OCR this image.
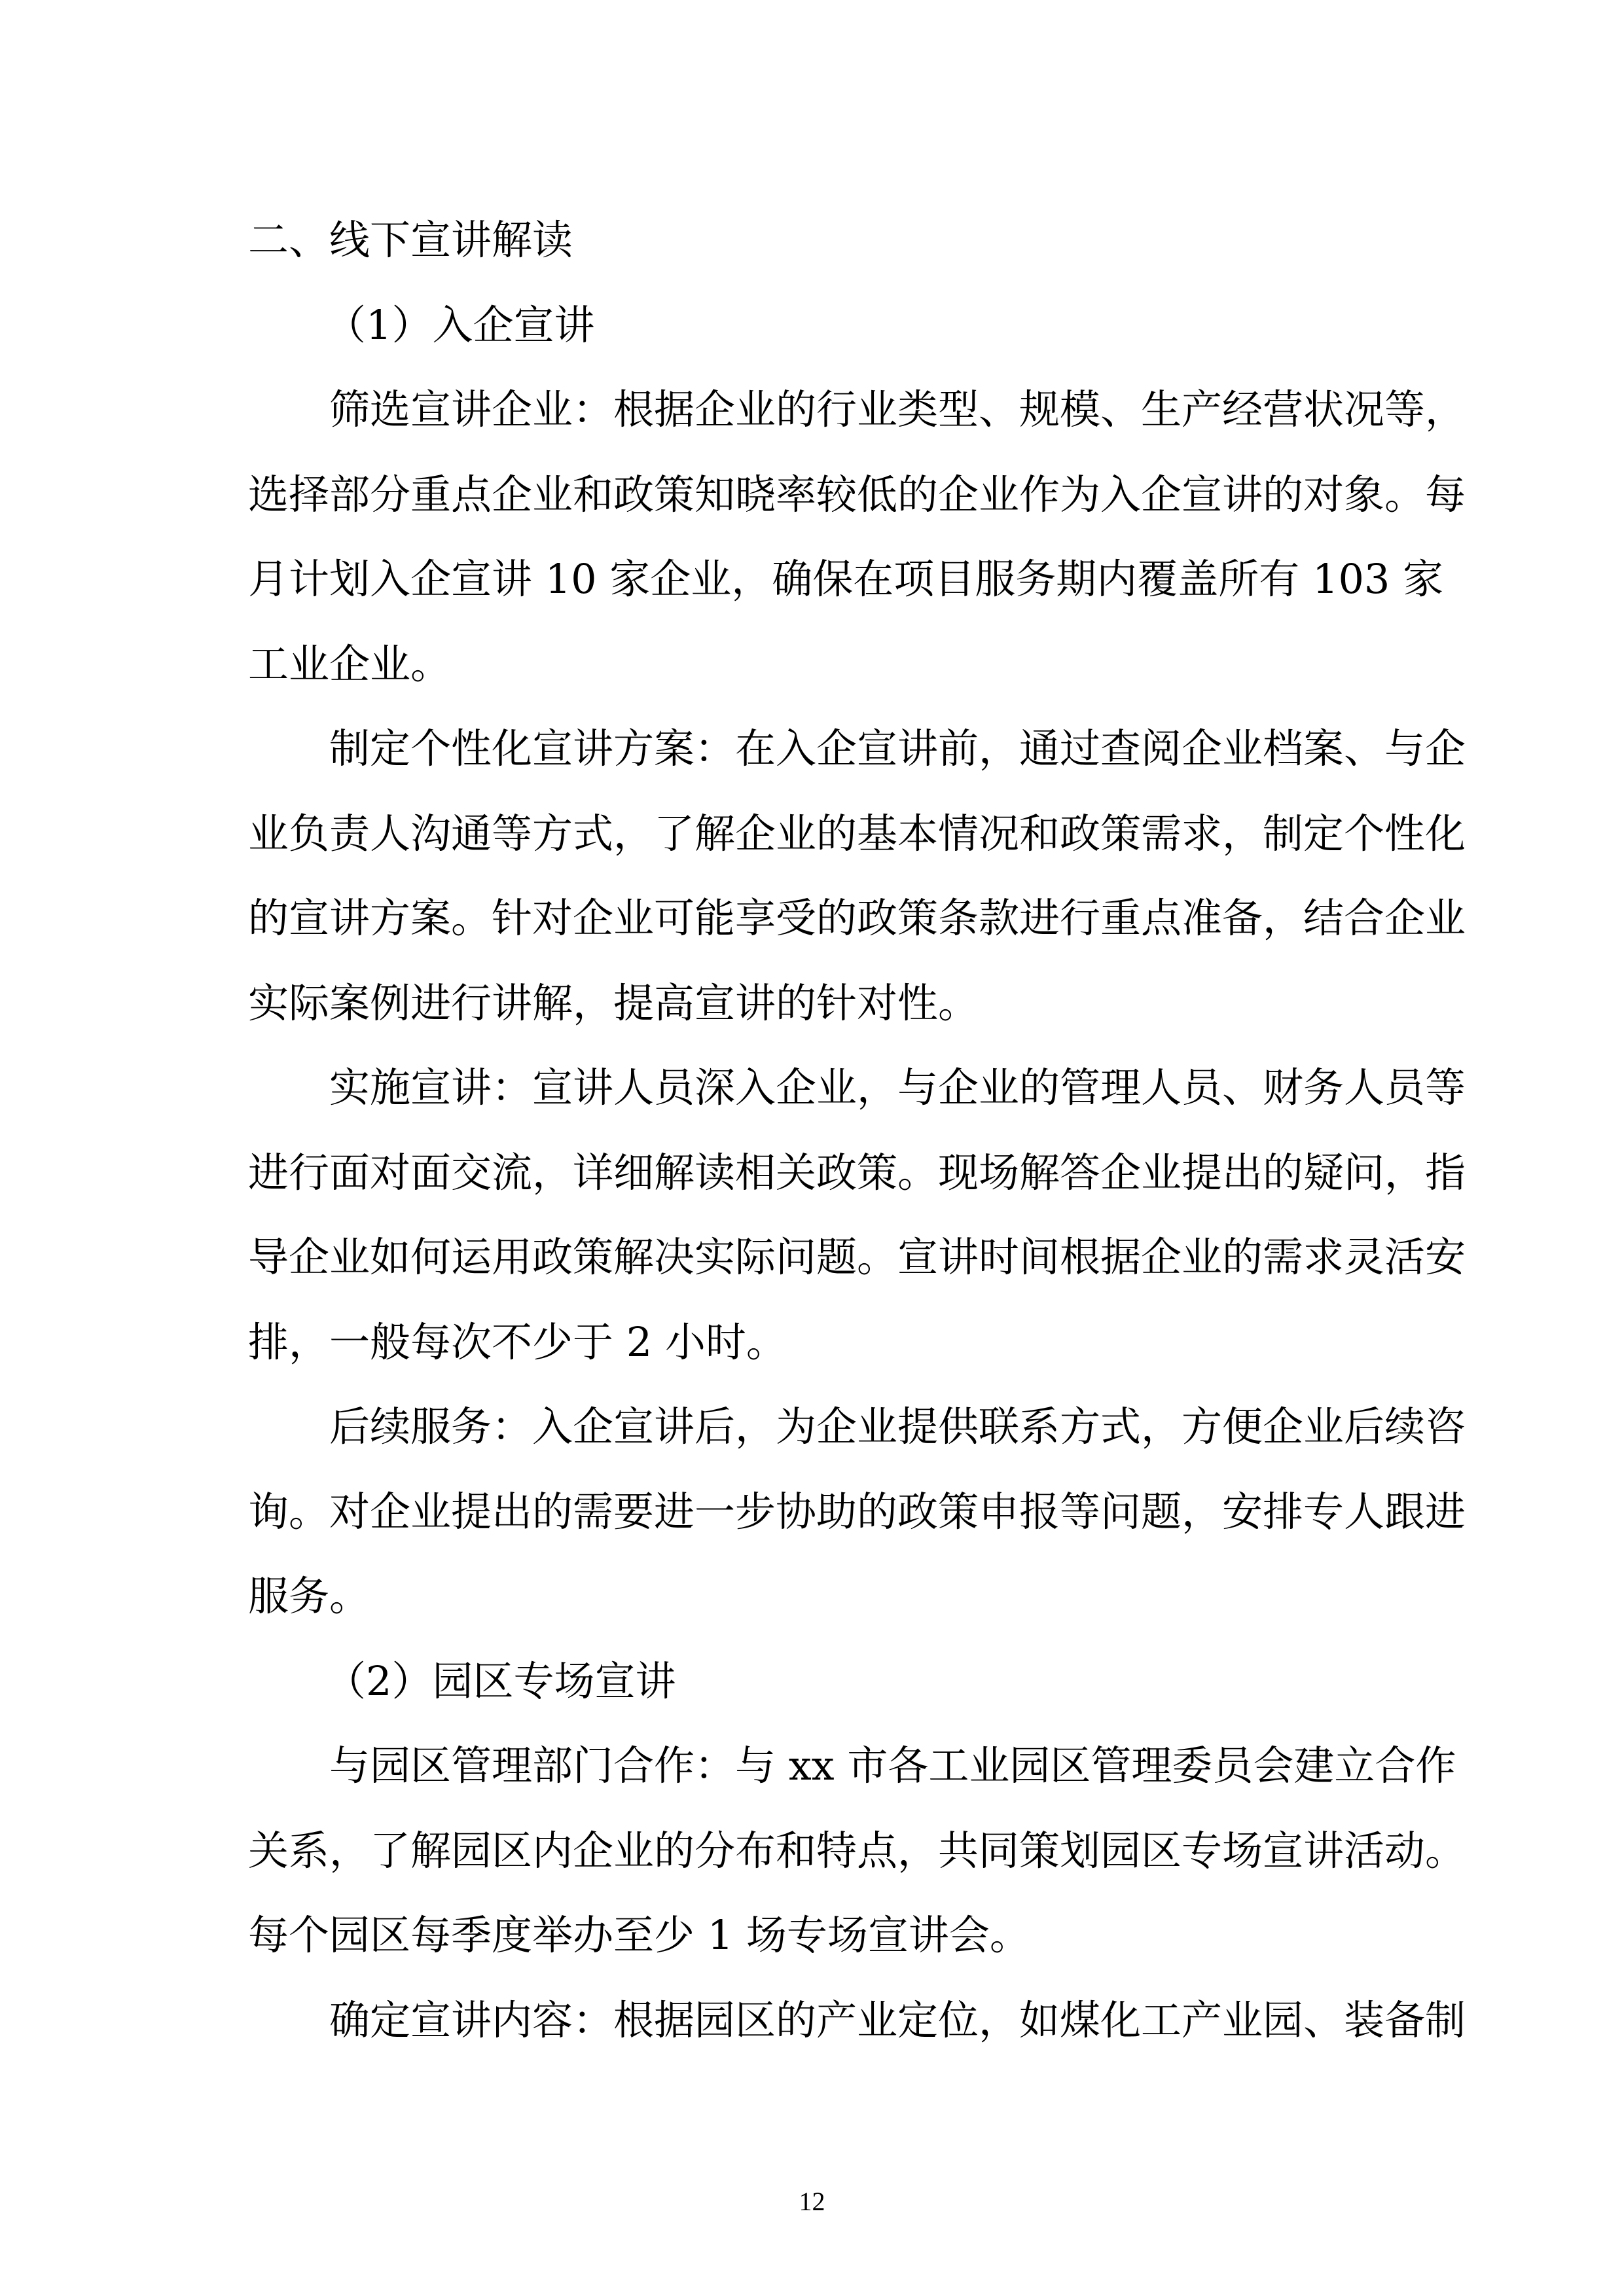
二、线下宣讲解读
（1）入企宣讲
筛选宣讲企业：根据企业的行业类型、规模、生产经营状况等，
选择部分重点企业和政策知晓率较低的企业作为入企宣讲的对象。每
月计划入企宣讲 10 家企业，确保在项目服务期内覆盖所有 103 家
工业企业。
制定个性化宣讲方案：在入企宣讲前，通过查阅企业档案、与企
业负责人沟通等方式，了解企业的基本情况和政策需求，制定个性化
的宣讲方案。针对企业可能享受的政策条款进行重点准备，结合企业
实际案例进行讲解，提高宣讲的针对性。
实施宣讲：宣讲人员深入企业，与企业的管理人员、财务人员等
进行面对面交流，详细解读相关政策。现场解答企业提出的疑问，指
导企业如何运用政策解决实际问题。宣讲时间根据企业的需求灵活安
排，一般每次不少于 2 小时。
后续服务：入企宣讲后，为企业提供联系方式，方便企业后续咨
询。对企业提出的需要进一步协助的政策申报等问题，安排专人跟进
服务。
（2）园区专场宣讲
与园区管理部门合作：与 xx 市各工业园区管理委员会建立合作
关系，了解园区内企业的分布和特点，共同策划园区专场宣讲活动。
每个园区每季度举办至少 1 场专场宣讲会。
确定宣讲内容：根据园区的产业定位，如煤化工产业园、装备制
12
